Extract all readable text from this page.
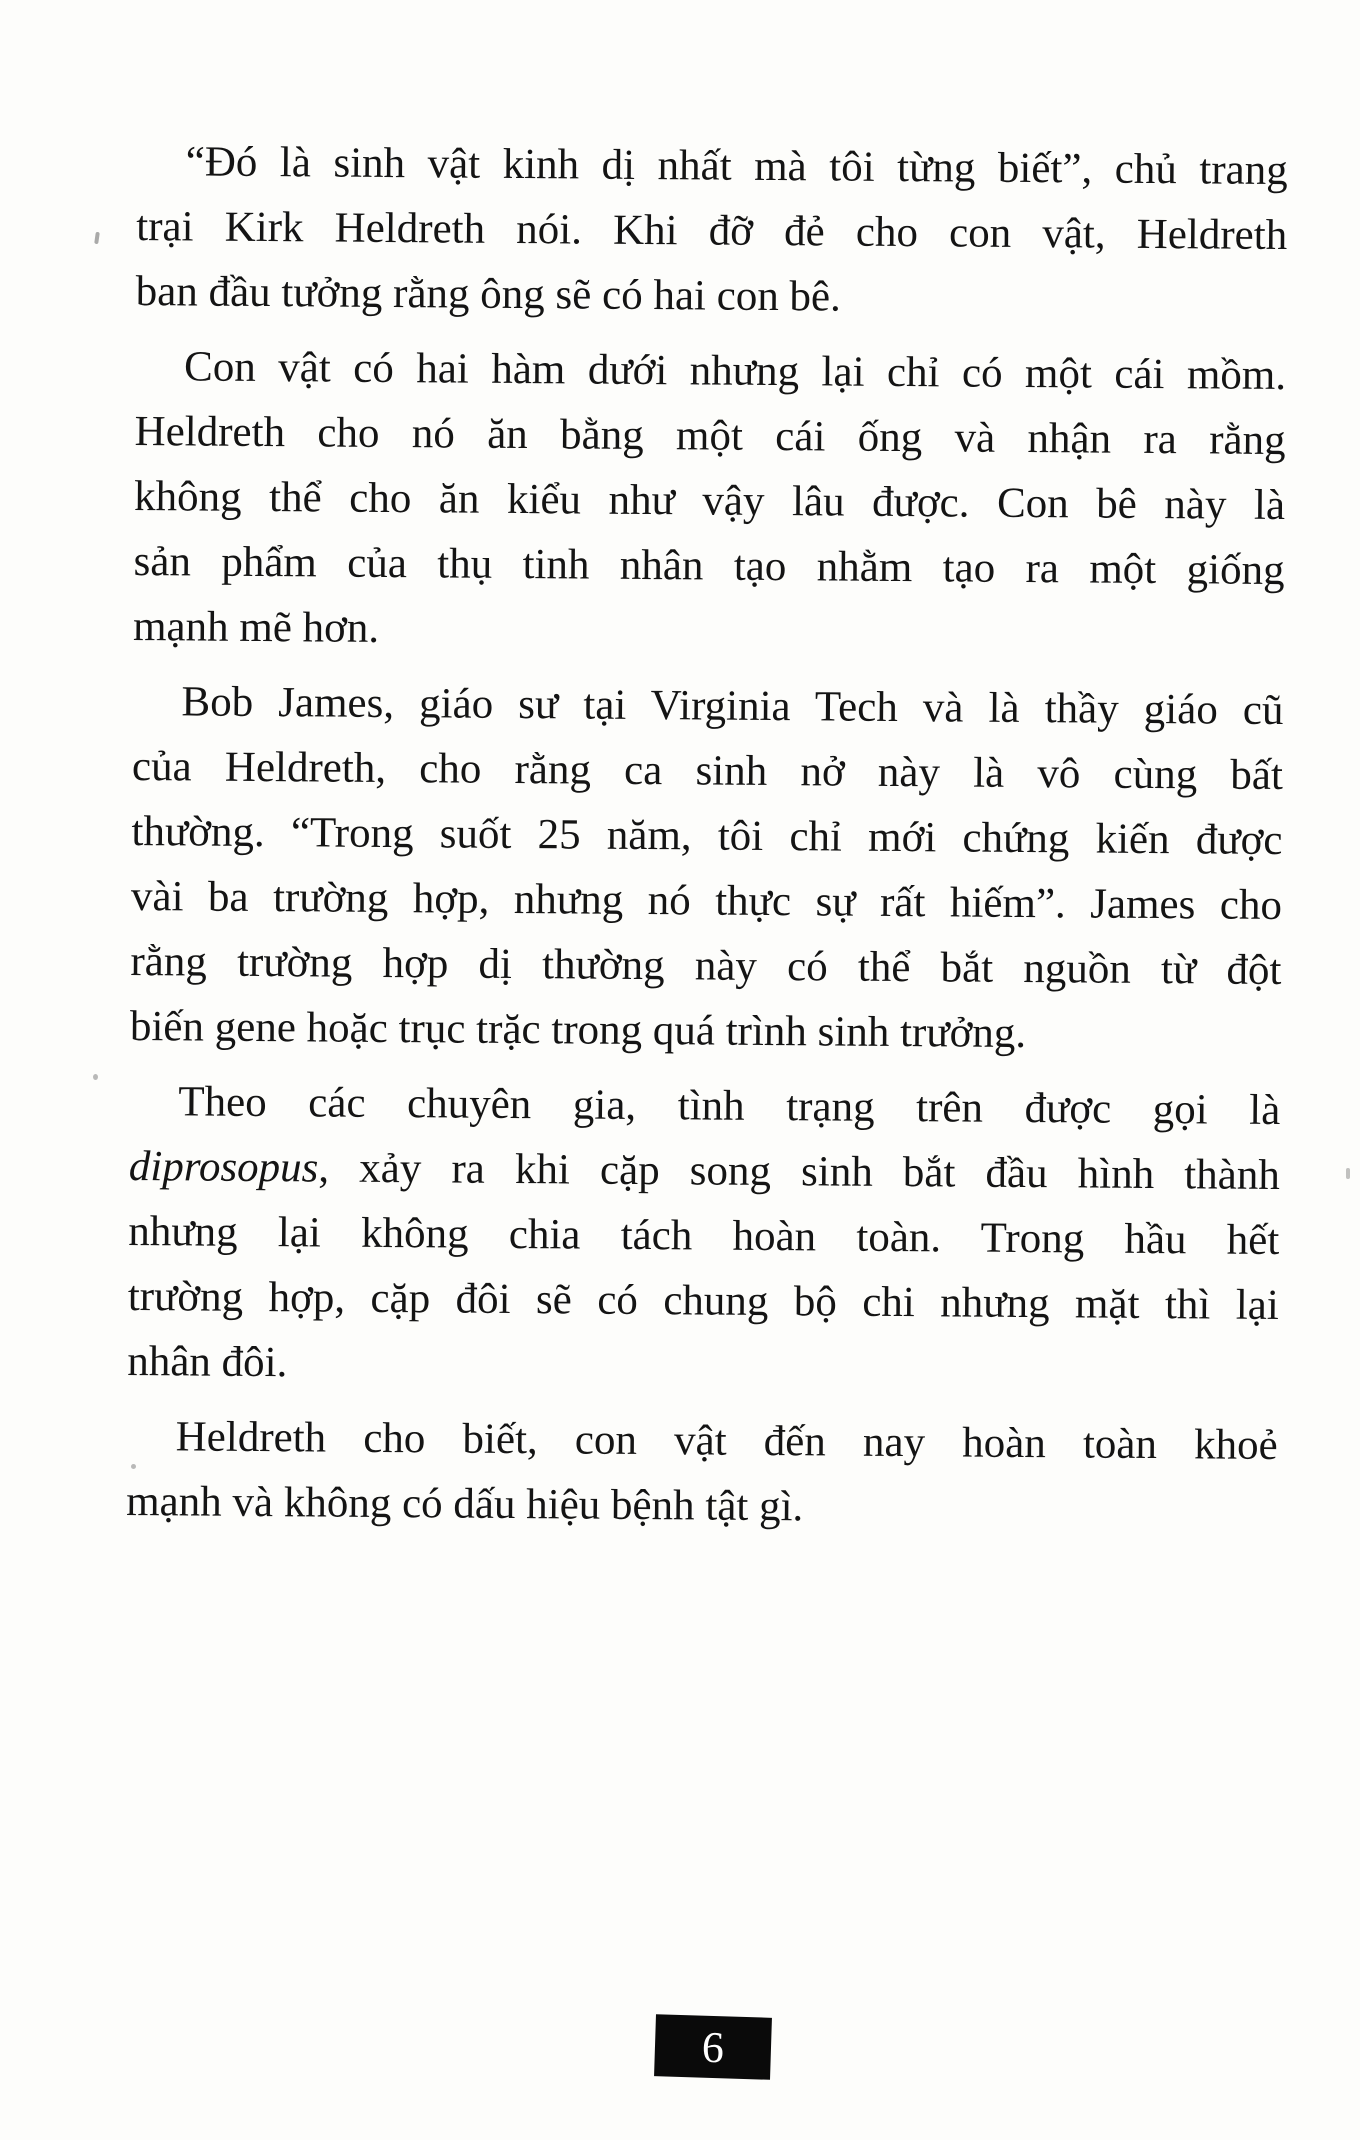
“Đó là sinh vật kinh dị nhất mà tôi từng biết”, chủ trang
trại Kirk Heldreth nói. Khi đỡ đẻ cho con vật, Heldreth
ban đầu tưởng rằng ông sẽ có hai con bê.
Con vật có hai hàm dưới nhưng lại chỉ có một cái mồm.
Heldreth cho nó ăn bằng một cái ống và nhận ra rằng
không thể cho ăn kiểu như vậy lâu được. Con bê này là
sản phẩm của thụ tinh nhân tạo nhằm tạo ra một giống
mạnh mẽ hơn.
Bob James, giáo sư tại Virginia Tech và là thầy giáo cũ
của Heldreth, cho rằng ca sinh nở này là vô cùng bất
thường. “Trong suốt 25 năm, tôi chỉ mới chứng kiến được
vài ba trường hợp, nhưng nó thực sự rất hiếm”. James cho
rằng trường hợp dị thường này có thể bắt nguồn từ đột
biến gene hoặc trục trặc trong quá trình sinh trưởng.
Theo các chuyên gia, tình trạng trên được gọi là
diprosopus, xảy ra khi cặp song sinh bắt đầu hình thành
nhưng lại không chia tách hoàn toàn. Trong hầu hết
trường hợp, cặp đôi sẽ có chung bộ chi nhưng mặt thì lại
nhân đôi.
Heldreth cho biết, con vật đến nay hoàn toàn khoẻ
mạnh và không có dấu hiệu bệnh tật gì.
6
